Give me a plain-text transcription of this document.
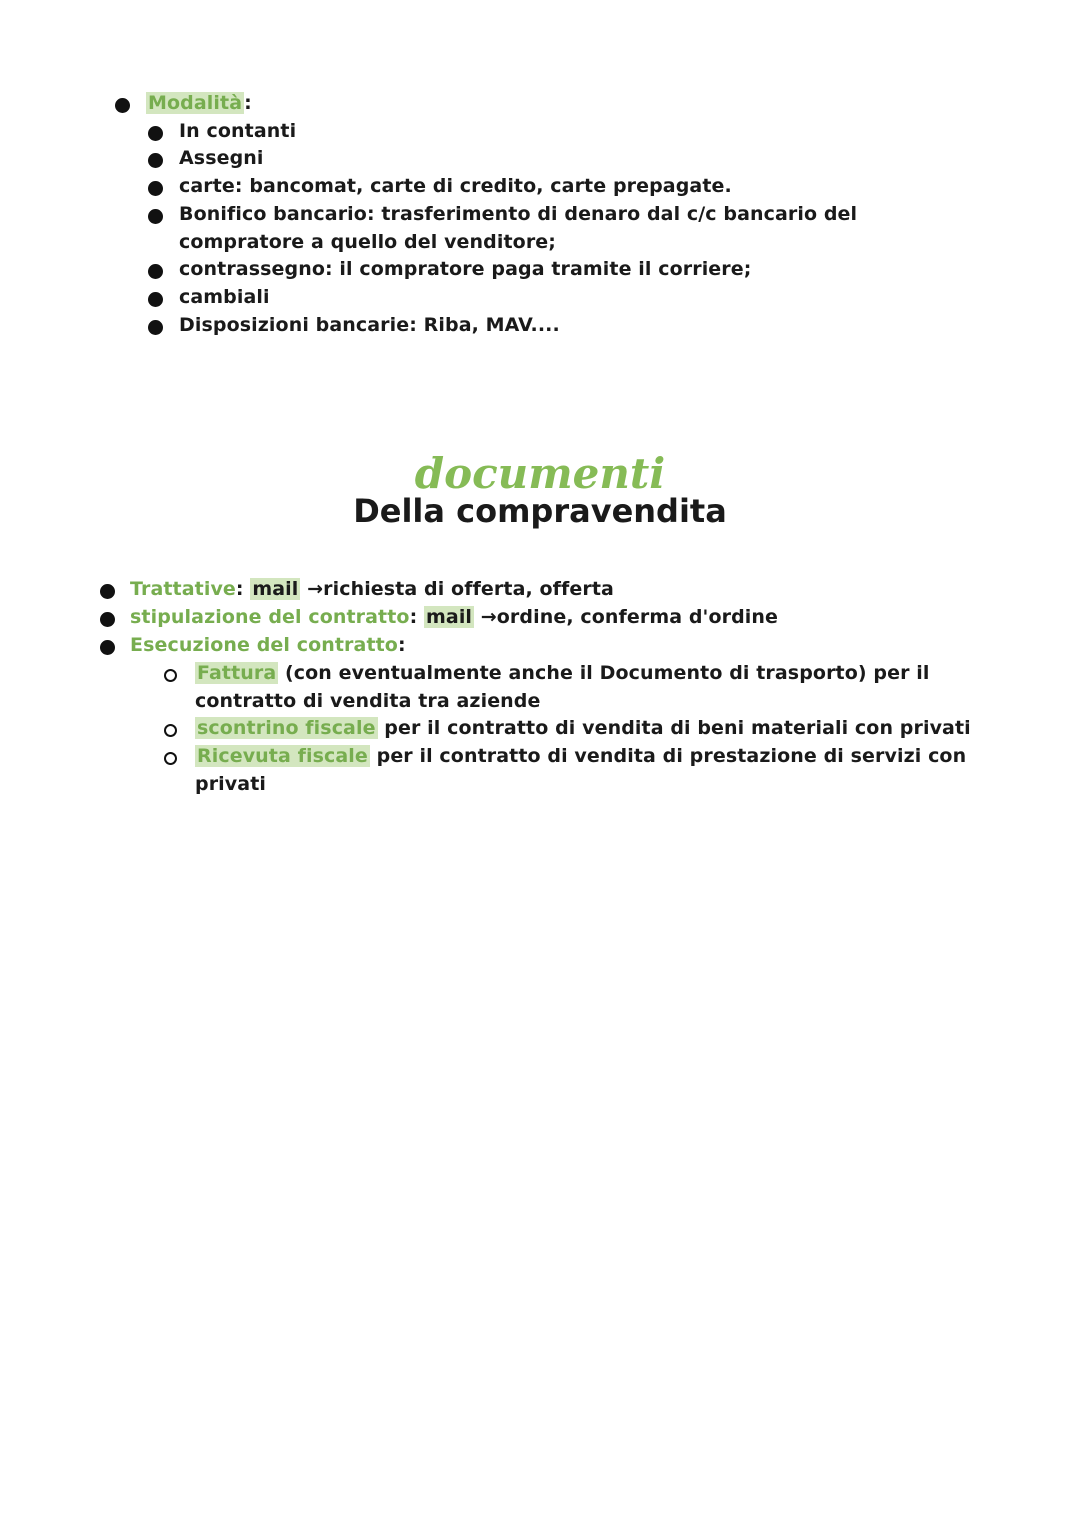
Modalità :
In contanti
Assegni
carte: bancomat, carte di credito, carte prepagate.
Bonifico bancario: trasferimento di denaro dal c/c bancario del
compratore a quello del venditore;
contrassegno: il compratore paga tramite il corriere;
cambiali
Disposizioni bancarie: Riba, MAV....
documenti
Della compravendita
Trattative: mail →richiesta di offerta, offerta
stipulazione del contratto: mail →ordine, conferma d'ordine
Esecuzione del contratto:
Fattura (con eventualmente anche il Documento di trasporto) per il
contratto di vendita tra aziende
scontrino fiscale per il contratto di vendita di beni materiali con privati
Ricevuta fiscale per il contratto di vendita di prestazione di servizi con
privati
